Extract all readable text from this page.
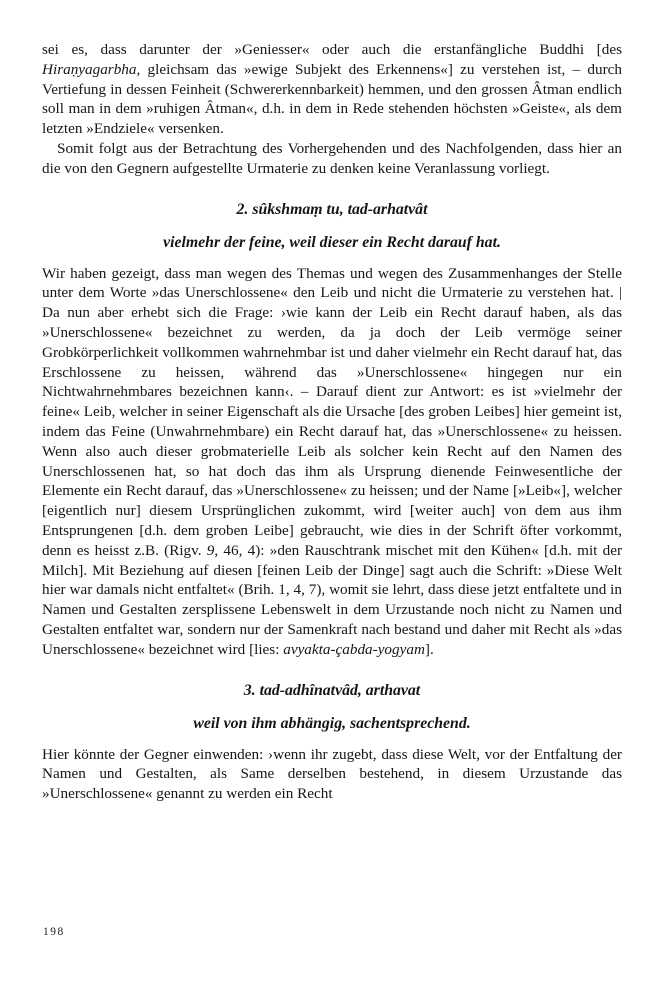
sei es, dass darunter der »Geniesser« oder auch die erstanfängliche Buddhi [des Hiraṇyagarbha, gleichsam das »ewige Subjekt des Erkennens«] zu verstehen ist, – durch Vertiefung in dessen Feinheit (Schwererkennbarkeit) hemmen, und den grossen Âtman endlich soll man in dem »ruhigen Âtman«, d.h. in dem in Rede stehenden höchsten »Geiste«, als dem letzten »Endziele« versenken.

Somit folgt aus der Betrachtung des Vorhergehenden und des Nachfolgenden, dass hier an die von den Gegnern aufgestellte Urmaterie zu denken keine Veranlassung vorliegt.

2. sûkshmaṃ tu, tad-arhatvât
vielmehr der feine, weil dieser ein Recht darauf hat.

Wir haben gezeigt, dass man wegen des Themas und wegen des Zusammenhanges der Stelle unter dem Worte »das Unerschlossene« den Leib und nicht die Urmaterie zu verstehen hat. | Da nun aber erhebt sich die Frage: ›wie kann der Leib ein Recht darauf haben, als das »Unerschlossene« bezeichnet zu werden, da ja doch der Leib vermöge seiner Grobkörperlichkeit vollkommen wahrnehmbar ist und daher vielmehr ein Recht darauf hat, das Erschlossene zu heissen, während das »Unerschlossene« hingegen nur ein Nichtwahrnehmbares bezeichnen kann‹. – Darauf dient zur Antwort: es ist »vielmehr der feine« Leib, welcher in seiner Eigenschaft als die Ursache [des groben Leibes] hier gemeint ist, indem das Feine (Unwahrnehmbare) ein Recht darauf hat, das »Unerschlossene« zu heissen. Wenn also auch dieser grobmaterielle Leib als solcher kein Recht auf den Namen des Unerschlossenen hat, so hat doch das ihm als Ursprung dienende Feinwesentliche der Elemente ein Recht darauf, das »Unerschlossene« zu heissen; und der Name [»Leib«], welcher [eigentlich nur] diesem Ursprünglichen zukommt, wird [weiter auch] von dem aus ihm Entsprungenen [d.h. dem groben Leibe] gebraucht, wie dies in der Schrift öfter vorkommt, denn es heisst z.B. (Rigv. 9, 46, 4): »den Rauschtrank mischet mit den Kühen« [d.h. mit der Milch]. Mit Beziehung auf diesen [feinen Leib der Dinge] sagt auch die Schrift: »Diese Welt hier war damals nicht entfaltet« (Brih. 1, 4, 7), womit sie lehrt, dass diese jetzt entfaltete und in Namen und Gestalten zersplissene Lebenswelt in dem Urzustande noch nicht zu Namen und Gestalten entfaltet war, sondern nur der Samenkraft nach bestand und daher mit Recht als »das Unerschlossene« bezeichnet wird [lies: avyakta-çabda-yogyam].

3. tad-adhînatvâd, arthavat
weil von ihm abhängig, sachentsprechend.

Hier könnte der Gegner einwenden: ›wenn ihr zugebt, dass diese Welt, vor der Entfaltung der Namen und Gestalten, als Same derselben bestehend, in diesem Urzustande das »Unerschlossene« genannt zu werden ein Recht

198
